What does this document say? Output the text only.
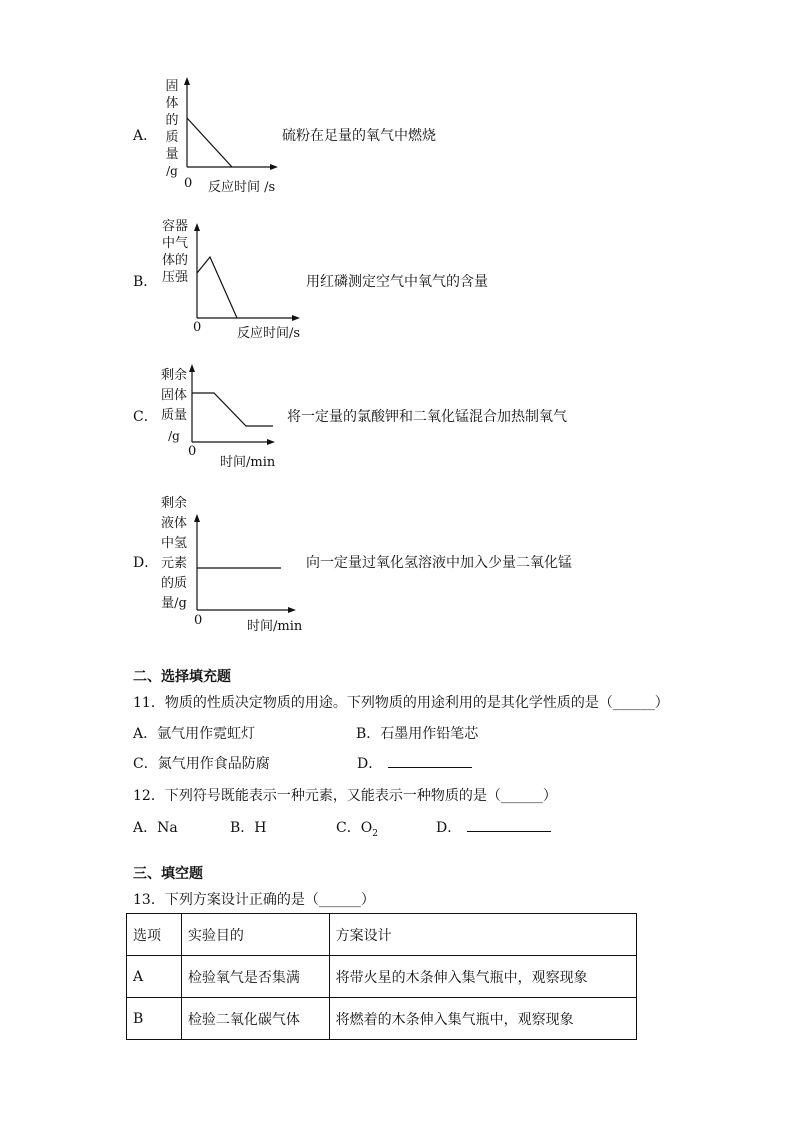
A．
固
体
的
质
量
/g
0 反应时间 /s
硫粉在足量的氧气中燃烧
B．
容器
中气
体的
压强
0	反应时间/s
用红磷测定空气中氧气的含量
C．
剩余
固体
质量
/g
0
时间/min
将一定量的氯酸钾和二氧化锰混合加热制氧气
D．
剩余
液体
中氢
元素
的质
量/g
0	时间/min
向一定量过氧化氢溶液中加入少量二氧化锰
二、选择填充题
11．物质的性质决定物质的用途。下列物质的用途利用的是其化学性质的是（______）
A．氩气用作霓虹灯	B．石墨用作铅笔芯
C．氮气用作食品防腐	D．
12．下列符号既能表示一种元素，又能表示一种物质的是（______）
A．Na	B．H	C．$O_2$	D．
三、填空题
13．下列方案设计正确的是（______）
选项	实验目的	方案设计
A	检验氧气是否集满	将带火星的木条伸入集气瓶中，观察现象
B	检验二氧化碳气体	将燃着的木条伸入集气瓶中，观察现象
